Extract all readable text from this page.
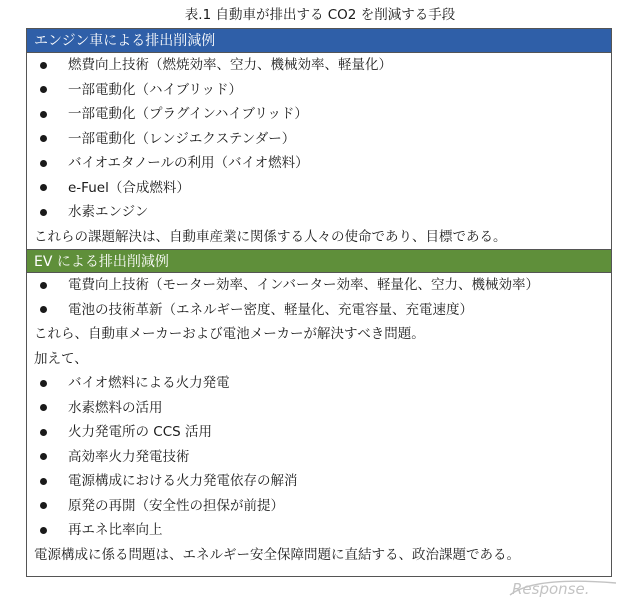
表.1 自動車が排出する CO2 を削減する手段
エンジン車による排出削減例
燃費向上技術（燃焼効率、空力、機械効率、軽量化）
一部電動化（ハイブリッド）
一部電動化（プラグインハイブリッド）
一部電動化（レンジエクステンダー）
バイオエタノールの利用（バイオ燃料）
e-Fuel（合成燃料）
水素エンジン
これらの課題解決は、自動車産業に関係する人々の使命であり、目標である。
EV による排出削減例
電費向上技術（モーター効率、インバーター効率、軽量化、空力、機械効率）
電池の技術革新（エネルギー密度、軽量化、充電容量、充電速度）
これら、自動車メーカーおよび電池メーカーが解決すべき問題。
加えて、
バイオ燃料による火力発電
水素燃料の活用
火力発電所の CCS 活用
高効率火力発電技術
電源構成における火力発電依存の解消
原発の再開（安全性の担保が前提）
再エネ比率向上
電源構成に係る問題は、エネルギー安全保障問題に直結する、政治課題である。
Response.
